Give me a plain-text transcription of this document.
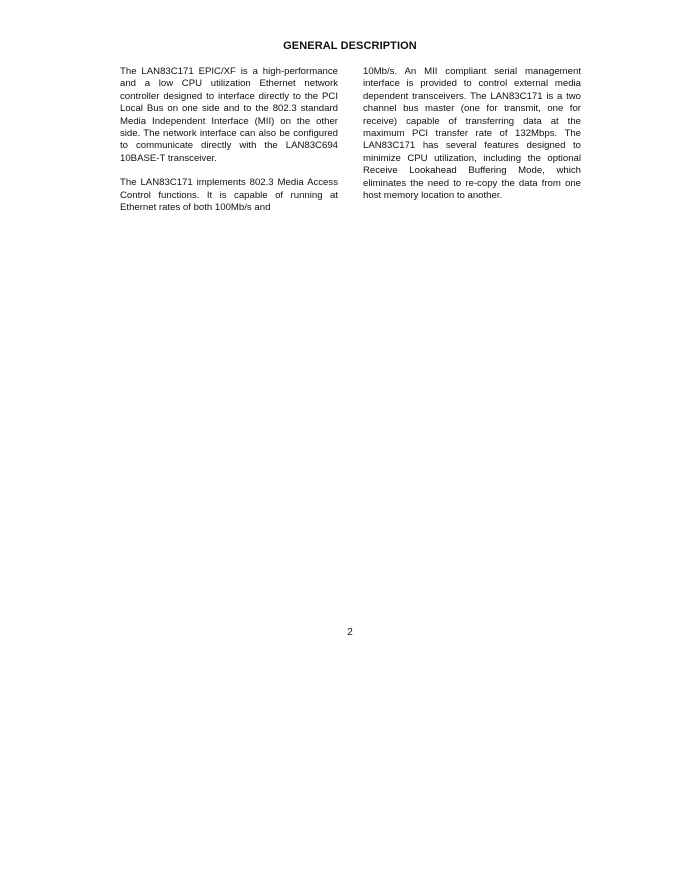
GENERAL DESCRIPTION

The LAN83C171 EPIC/XF is a high-performance and a low CPU utilization Ethernet network controller designed to interface directly to the PCI Local Bus on one side and to the 802.3 standard Media Independent Interface (MII) on the other side. The network interface can also be configured to communicate directly with the LAN83C694 10BASE-T transceiver.

The LAN83C171 implements 802.3 Media Access Control functions. It is capable of running at Ethernet rates of both 100Mb/s and

10Mb/s. An MII compliant serial management interface is provided to control external media dependent transceivers. The LAN83C171 is a two channel bus master (one for transmit, one for receive) capable of transferring data at the maximum PCI transfer rate of 132Mbps. The LAN83C171 has several features designed to minimize CPU utilization, including the optional Receive Lookahead Buffering Mode, which eliminates the need to re-copy the data from one host memory location to another.

2
